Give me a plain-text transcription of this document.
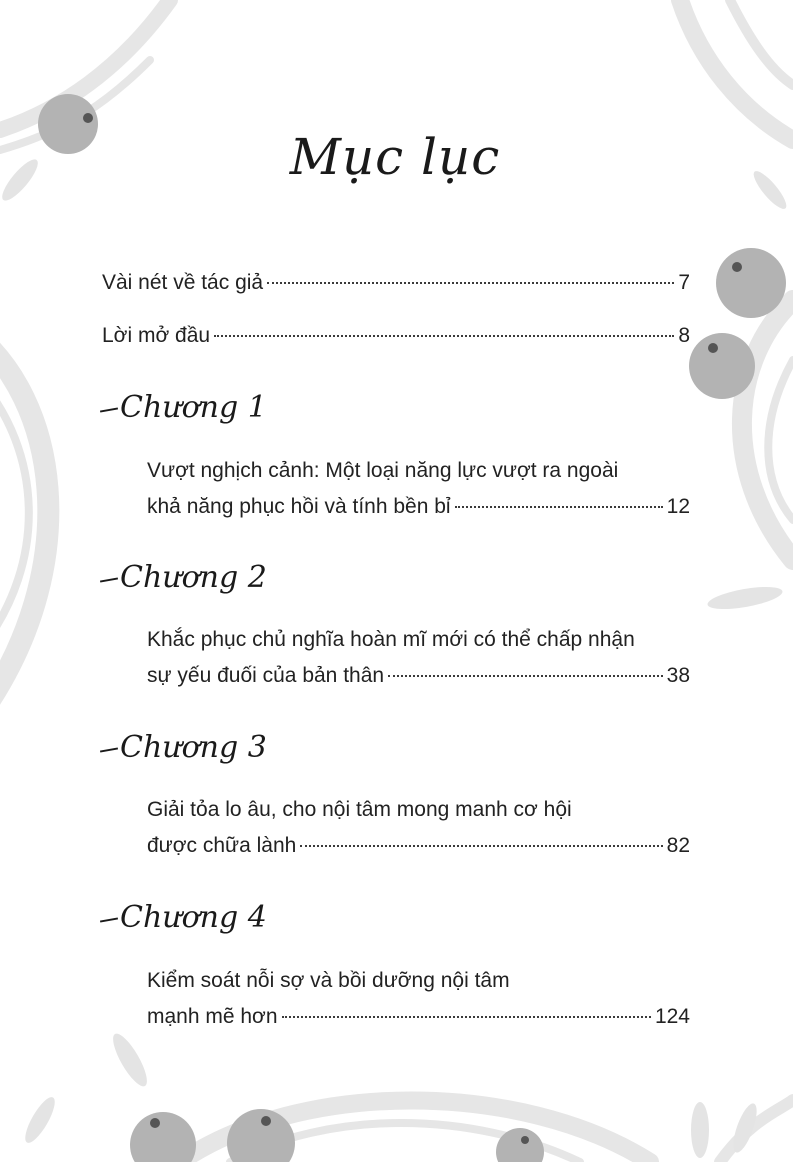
Mục lục
Vài nét về tác giả	7
Lời mở đầu	8
Chương 1
Vượt nghịch cảnh: Một loại năng lực vượt ra ngoài
khả năng phục hồi và tính bền bỉ	12
Chương 2
Khắc phục chủ nghĩa hoàn mĩ mới có thể chấp nhận
sự yếu đuối của bản thân	38
Chương 3
Giải tỏa lo âu, cho nội tâm mong manh cơ hội
được chữa lành	82
Chương 4
Kiểm soát nỗi sợ và bồi dưỡng nội tâm
mạnh mẽ hơn	124
